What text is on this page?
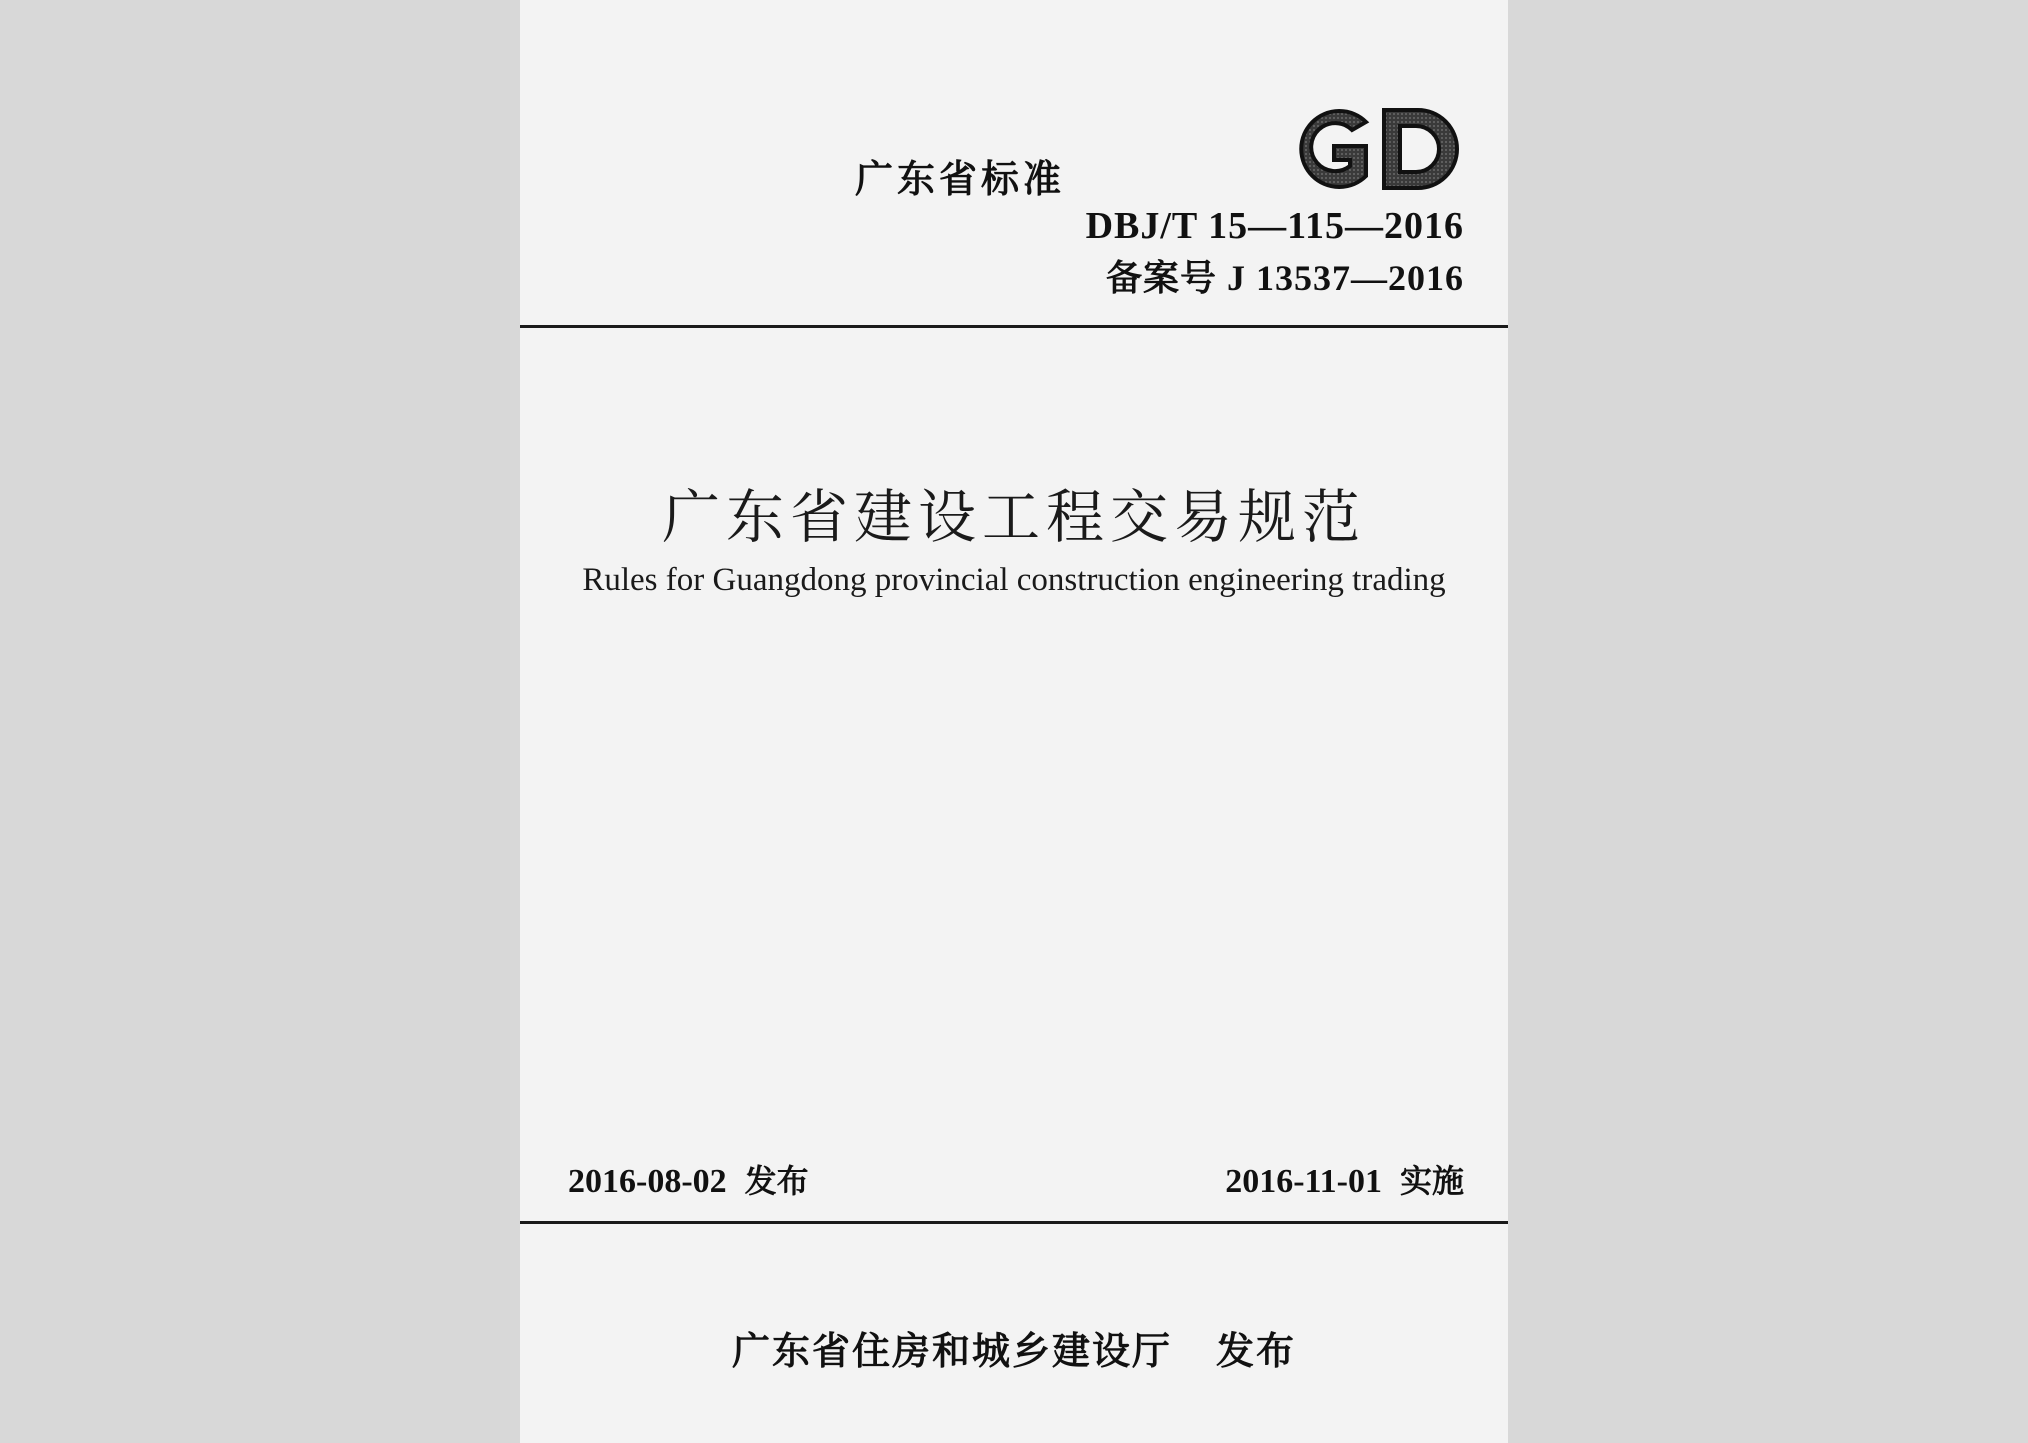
广东省标准
DBJ/T 15—115—2016
备案号 J 13537—2016
广东省建设工程交易规范
Rules for Guangdong provincial construction engineering trading
2016-08-02 发布	2016-11-01 实施
广东省住房和城乡建设厅 发布
